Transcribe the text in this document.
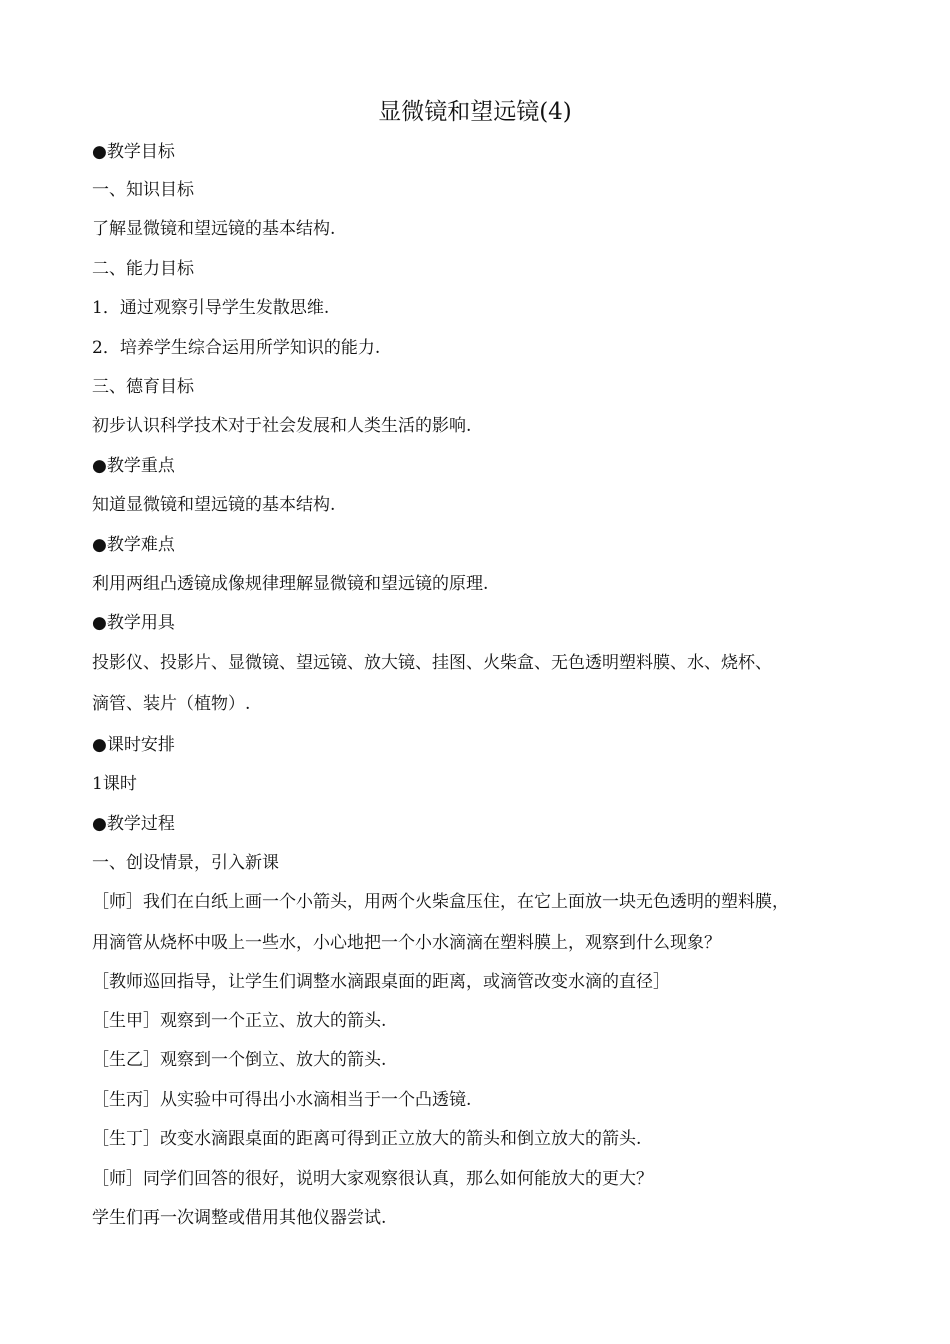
显微镜和望远镜(4)
●教学目标
一、知识目标
了解显微镜和望远镜的基本结构.
二、能力目标
1．通过观察引导学生发散思维.
2．培养学生综合运用所学知识的能力.
三、德育目标
初步认识科学技术对于社会发展和人类生活的影响.
●教学重点
知道显微镜和望远镜的基本结构.
●教学难点
利用两组凸透镜成像规律理解显微镜和望远镜的原理.
●教学用具
投影仪、投影片、显微镜、望远镜、放大镜、挂图、火柴盒、无色透明塑料膜、水、烧杯、
滴管、装片（植物）.
●课时安排
1课时
●教学过程
一、创设情景，引入新课
［师］我们在白纸上画一个小箭头，用两个火柴盒压住，在它上面放一块无色透明的塑料膜，
用滴管从烧杯中吸上一些水，小心地把一个小水滴滴在塑料膜上，观察到什么现象？
［教师巡回指导，让学生们调整水滴跟桌面的距离，或滴管改变水滴的直径］
［生甲］观察到一个正立、放大的箭头.
［生乙］观察到一个倒立、放大的箭头.
［生丙］从实验中可得出小水滴相当于一个凸透镜.
［生丁］改变水滴跟桌面的距离可得到正立放大的箭头和倒立放大的箭头.
［师］同学们回答的很好，说明大家观察很认真，那么如何能放大的更大？
学生们再一次调整或借用其他仪器尝试.
